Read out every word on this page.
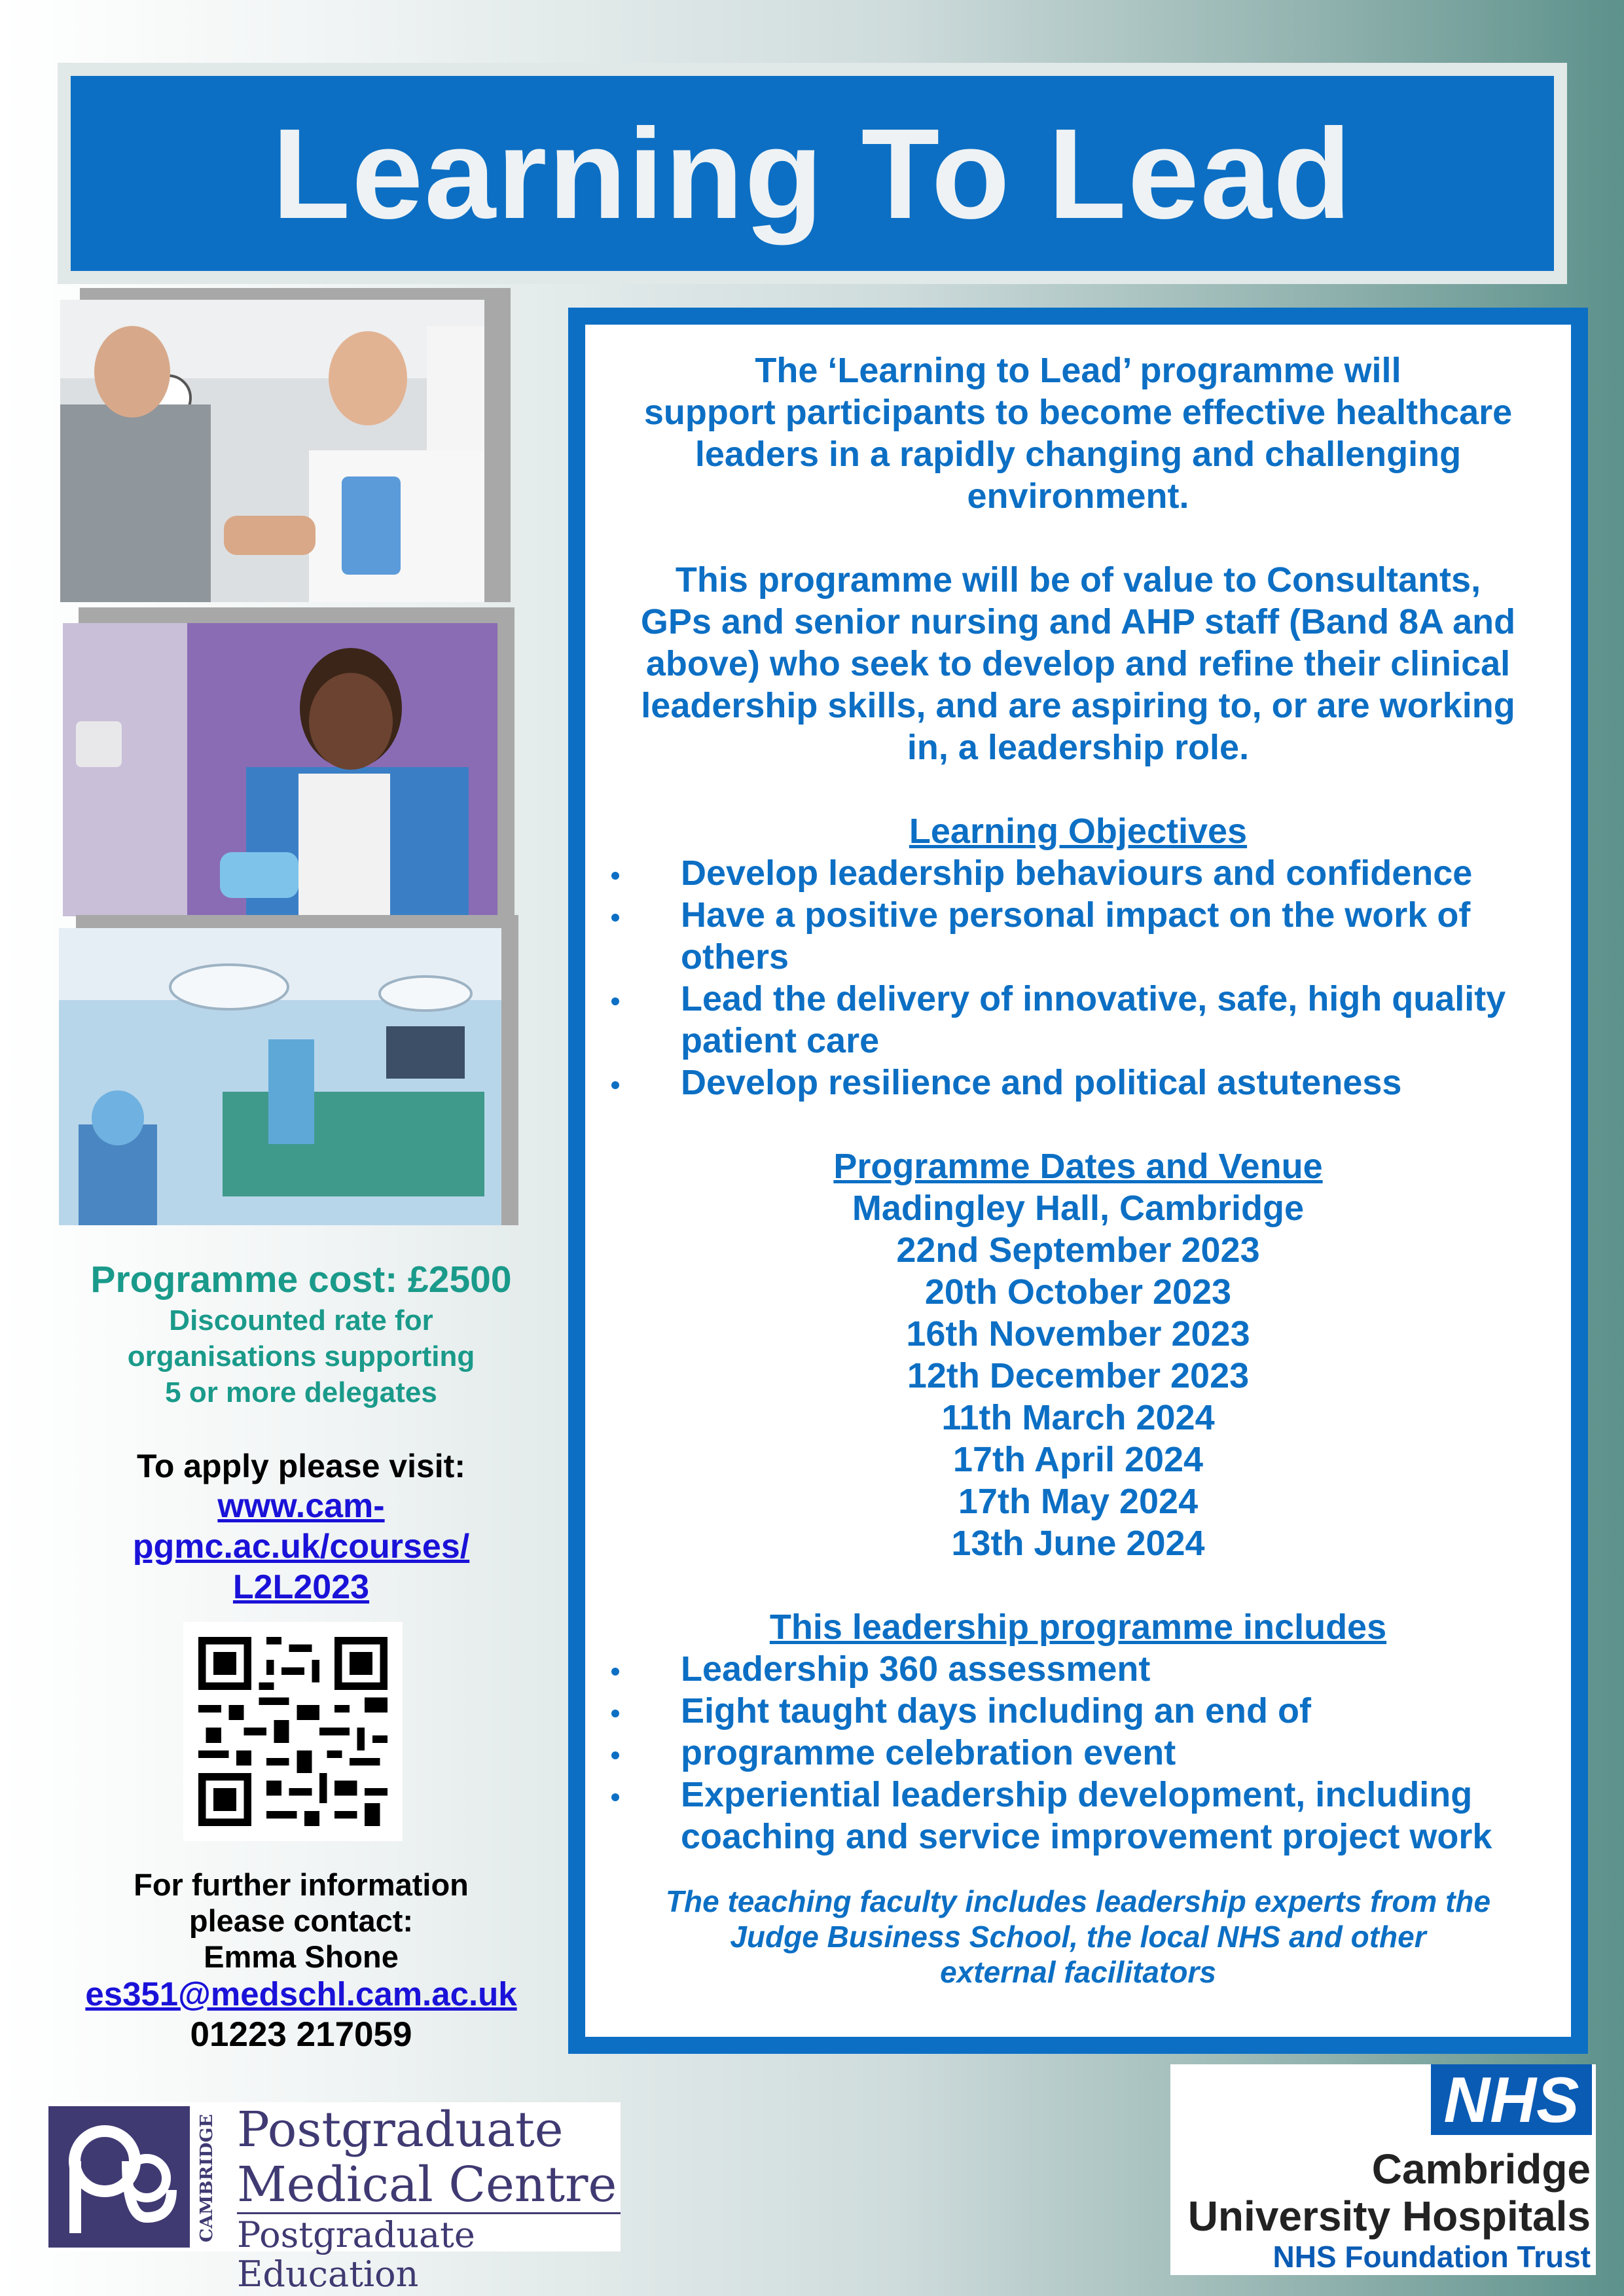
Learning To Lead
Programme cost: £2500
Discounted rate for
organisations supporting
5 or more delegates
To apply please visit:
www.cam-
pgmc.ac.uk/courses/
L2L2023
For further information
please contact:
Emma Shone
es351@medschl.cam.ac.uk
01223 217059
The ‘Learning to Lead’ programme will
support participants to become effective healthcare
leaders in a rapidly changing and challenging
environment.
This programme will be of value to Consultants,
GPs and senior nursing and AHP staff (Band 8A and
above) who seek to develop and refine their clinical
leadership skills, and are aspiring to, or are working
in, a leadership role.
Learning Objectives
Develop leadership behaviours and confidence
Have a positive personal impact on the work of others
Lead the delivery of innovative, safe, high quality patient care
Develop resilience and political astuteness
Programme Dates and Venue
Madingley Hall, Cambridge
22nd September 2023
20th October 2023
16th November 2023
12th December 2023
11th March 2024
17th April 2024
17th May 2024
13th June 2024
This leadership programme includes
Leadership 360 assessment
Eight taught days including an end of
programme celebration event
Experiential leadership development, including coaching and service improvement project work
The teaching faculty includes leadership experts from the
Judge Business School, the local NHS and other
external facilitators
CAMBRIDGE Postgraduate
Medical Centre
Postgraduate Education
NHS
Cambridge
University Hospitals
NHS Foundation Trust
